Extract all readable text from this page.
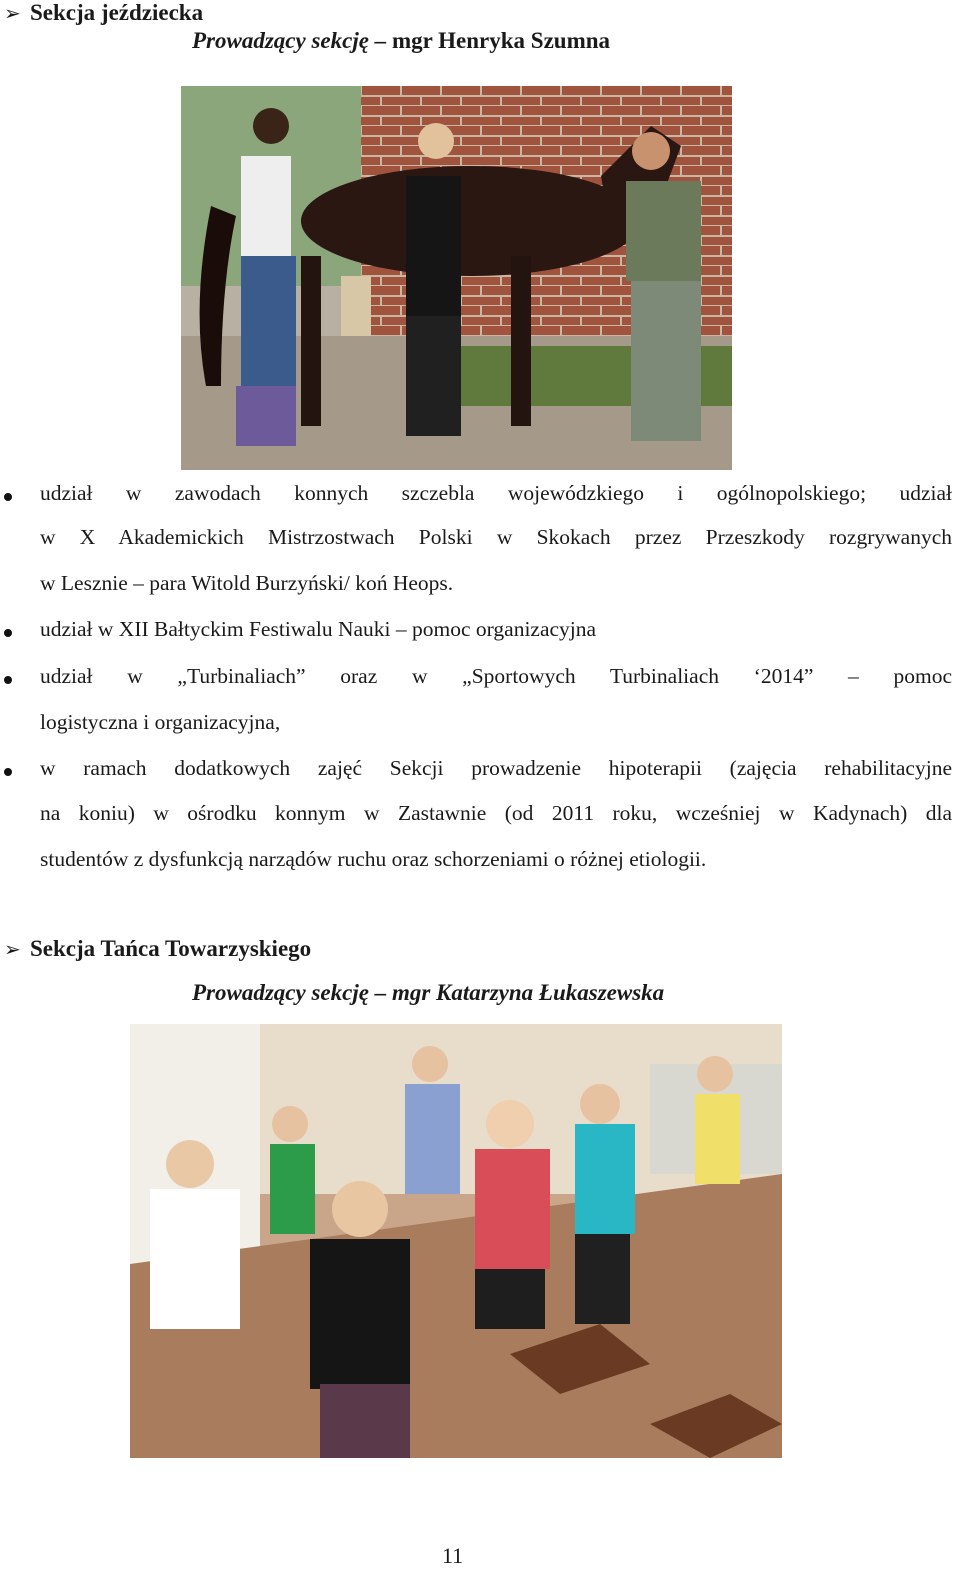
➢ Sekcja jeździecka
Prowadzący sekcję – mgr Henryka Szumna
udział w zawodach konnych szczebla wojewódzkiego i ogólnopolskiego; udział
w X Akademickich Mistrzostwach Polski w Skokach przez Przeszkody rozgrywanych
w Lesznie – para Witold Burzyński/ koń Heops.
udział w XII Bałtyckim Festiwalu Nauki – pomoc organizacyjna
udział w „Turbinaliach” oraz w „Sportowych Turbinaliach ‘2014” – pomoc
logistyczna i organizacyjna,
w ramach dodatkowych zajęć Sekcji prowadzenie hipoterapii (zajęcia rehabilitacyjne
na koniu) w ośrodku konnym w Zastawnie (od 2011 roku, wcześniej w Kadynach) dla
studentów z dysfunkcją narządów ruchu oraz schorzeniami o różnej etiologii.
➢ Sekcja Tańca Towarzyskiego
Prowadzący sekcję – mgr Katarzyna Łukaszewska
11
